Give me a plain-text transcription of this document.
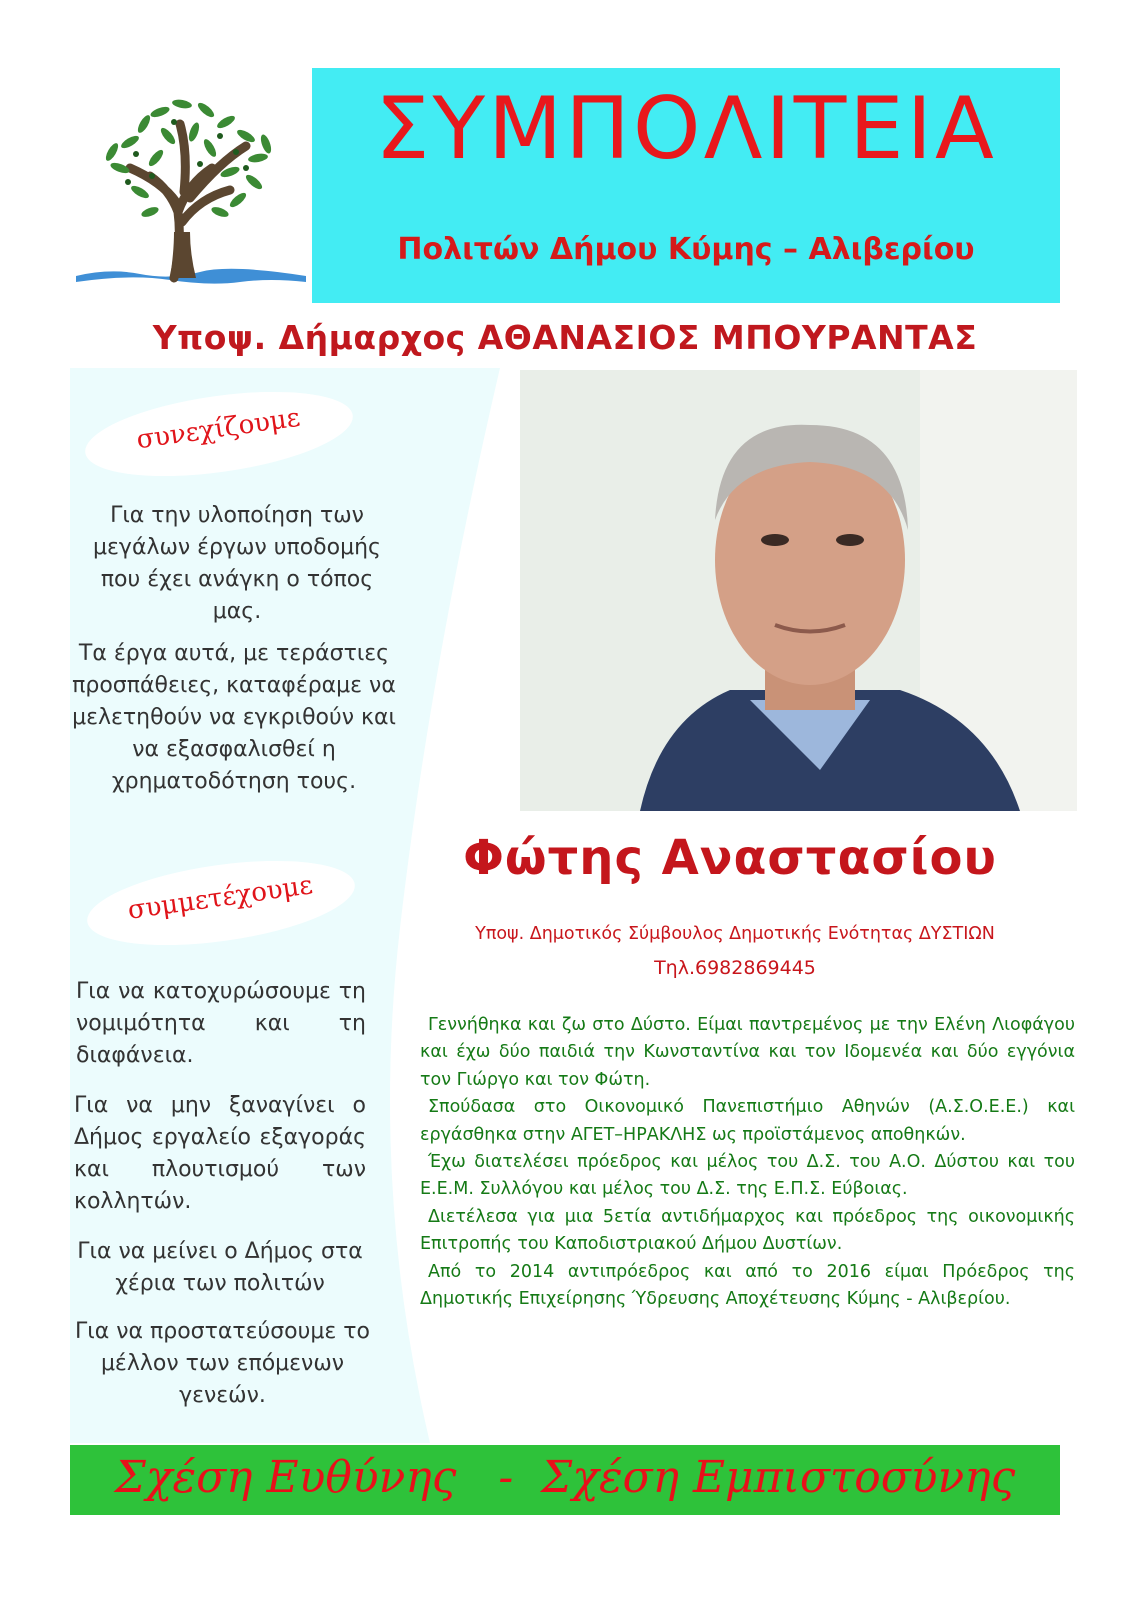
ΣΥΜΠΟΛΙΤΕΙΑ
Πολιτών Δήμου Κύμης – Αλιβερίου
Υποψ. Δήμαρχος ΑΘΑΝΑΣΙΟΣ ΜΠΟΥΡΑΝΤΑΣ
συνεχίζουμε
συμμετέχουμε
Για την υλοποίηση των μεγάλων έργων υποδομής που έχει ανάγκη ο τόπος μας.
Τα έργα αυτά, με τεράστιες προσπάθειες, καταφέραμε να μελετηθούν να εγκριθούν και να εξασφαλισθεί η χρηματοδότηση τους.
Για να κατοχυρώσουμε τη νομιμότητα και τη διαφάνεια.
Για να μην ξαναγίνει ο Δήμος εργαλείο εξαγοράς και πλουτισμού των κολλητών.
Για να μείνει ο Δήμος στα χέρια των πολιτών
Για να προστατεύσουμε το μέλλον των επόμενων γενεών.
Φώτης Αναστασίου
Υποψ. Δημοτικός Σύμβουλος Δημοτικής Ενότητας ΔΥΣΤΙΩΝ
Τηλ.6982869445

Γεννήθηκα και ζω στο Δύστο. Είμαι παντρεμένος με την Ελένη Λιοφάγου και έχω δύο παιδιά την Κωνσταντίνα και τον Ιδομενέα και δύο εγγόνια τον Γιώργο και τον Φώτη.

Σπούδασα στο Οικονομικό Πανεπιστήμιο Αθηνών (Α.Σ.Ο.Ε.Ε.) και εργάσθηκα στην ΑΓΕΤ–ΗΡΑΚΛΗΣ ως προϊστάμενος αποθηκών.

Έχω διατελέσει πρόεδρος και μέλος του Δ.Σ. του Α.Ο. Δύστου και του Ε.Ε.Μ. Συλλόγου και μέλος του Δ.Σ. της Ε.Π.Σ. Εύβοιας.

Διετέλεσα για μια 5ετία αντιδήμαρχος και πρόεδρος της οικονομικής Επιτροπής του Καποδιστριακού Δήμου Δυστίων.

Από το 2014 αντιπρόεδρος και από το 2016 είμαι Πρόεδρος της Δημοτικής Επιχείρησης Ύδρευσης Αποχέτευσης Κύμης - Αλιβερίου.

Σχέση Ευθύνης   -  Σχέση Εμπιστοσύνης
